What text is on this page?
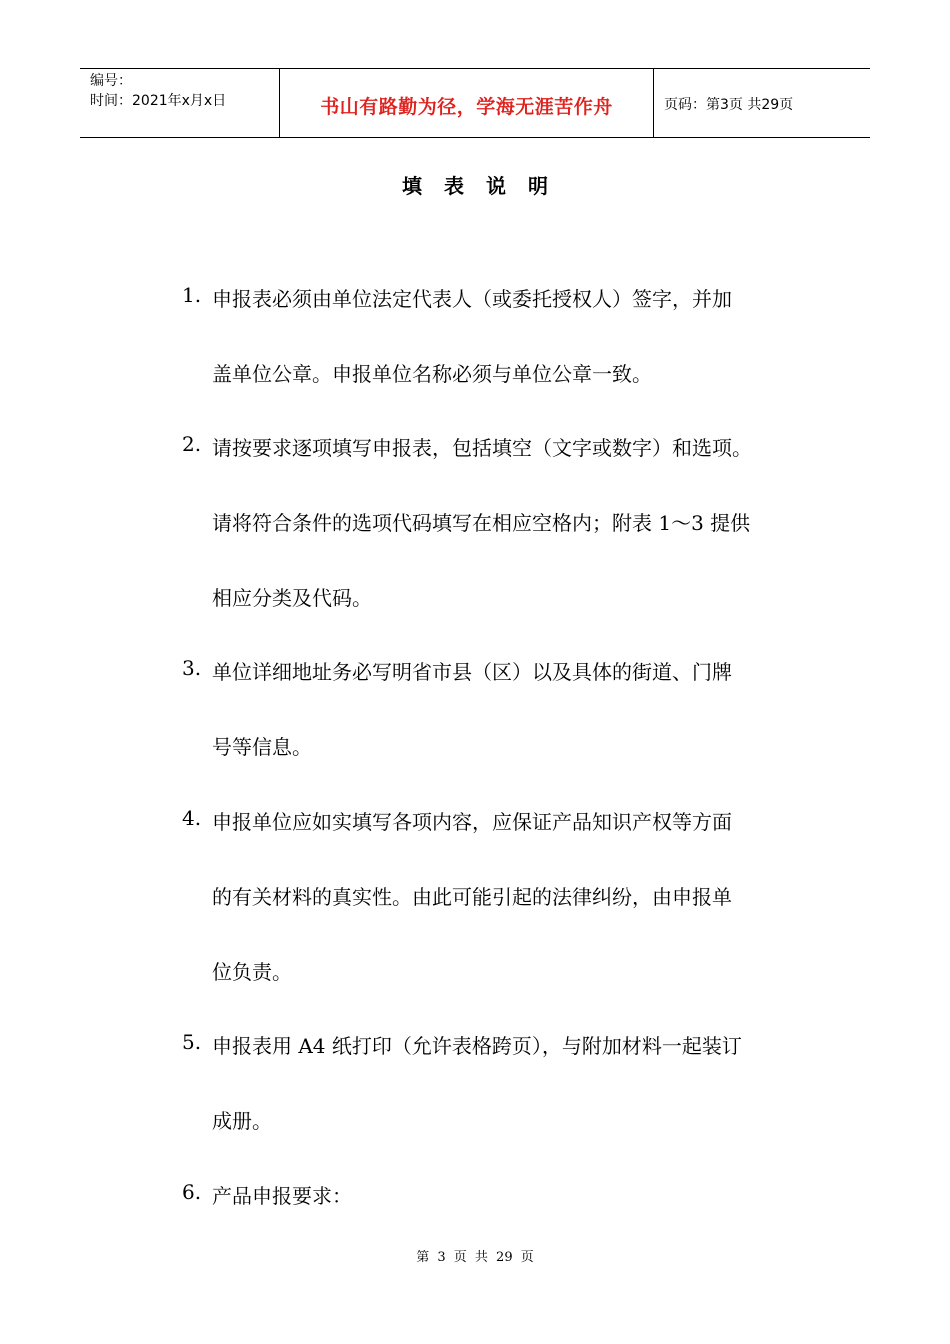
编号：
时间：2021年x月x日	书山有路勤为径，学海无涯苦作舟	页码：第3页 共29页
填表说明
1. 申报表必须由单位法定代表人（或委托授权人）签字，并加
盖单位公章。申报单位名称必须与单位公章一致。
2. 请按要求逐项填写申报表，包括填空（文字或数字）和选项。
请将符合条件的选项代码填写在相应空格内；附表 1～3 提供
相应分类及代码。
3. 单位详细地址务必写明省市县（区）以及具体的街道、门牌
号等信息。
4. 申报单位应如实填写各项内容，应保证产品知识产权等方面
的有关材料的真实性。由此可能引起的法律纠纷，由申报单
位负责。
5. 申报表用 A4 纸打印（允许表格跨页），与附加材料一起装订
成册。
6. 产品申报要求：
第 3 页 共 29 页
